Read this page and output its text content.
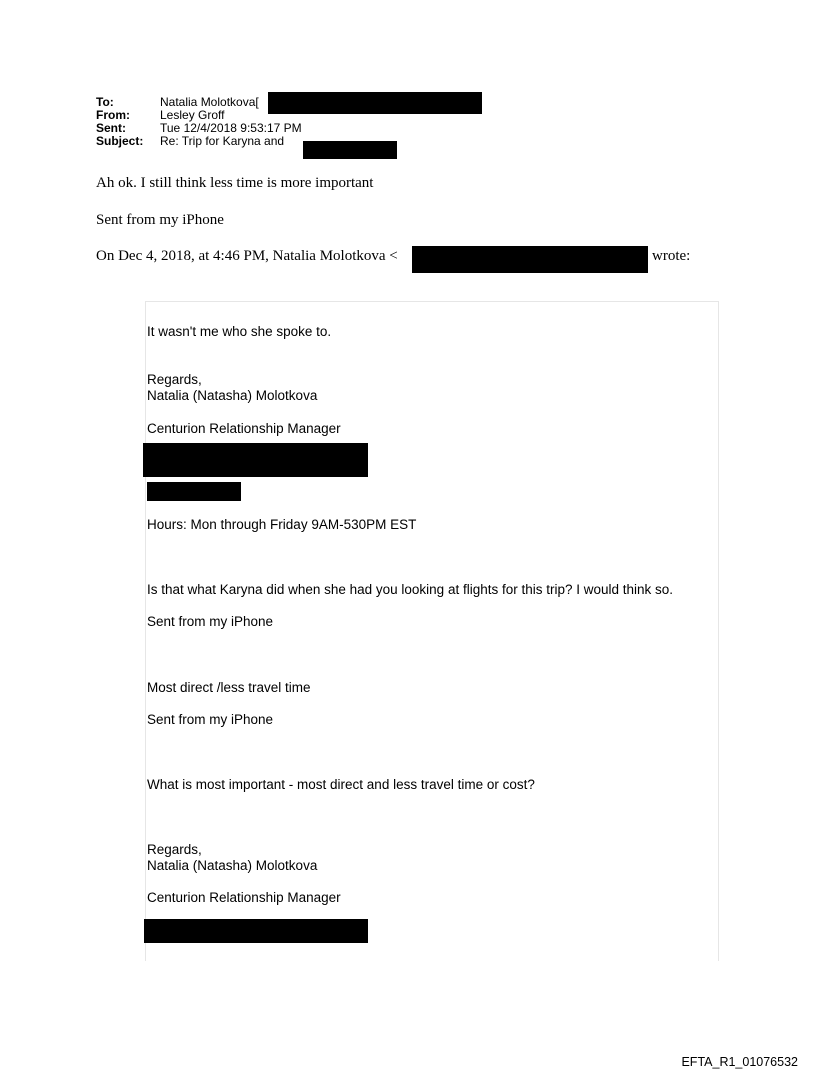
To:	Natalia Molotkova[
From:	Lesley Groff
Sent:	Tue 12/4/2018 9:53:17 PM
Subject:	Re: Trip for Karyna and
Ah ok. I still think less time is more important
Sent from my iPhone
On Dec 4, 2018, at 4:46 PM, Natalia Molotkova <	wrote:
It wasn't me who she spoke to.
Regards,
Natalia (Natasha) Molotkova
Centurion Relationship Manager
Hours: Mon through Friday 9AM-530PM EST
Is that what Karyna did when she had you looking at flights for this trip? I would think so.
Sent from my iPhone
Most direct /less travel time
Sent from my iPhone
What is most important - most direct and less travel time or cost?
Regards,
Natalia (Natasha) Molotkova
Centurion Relationship Manager
EFTA_R1_01076532
